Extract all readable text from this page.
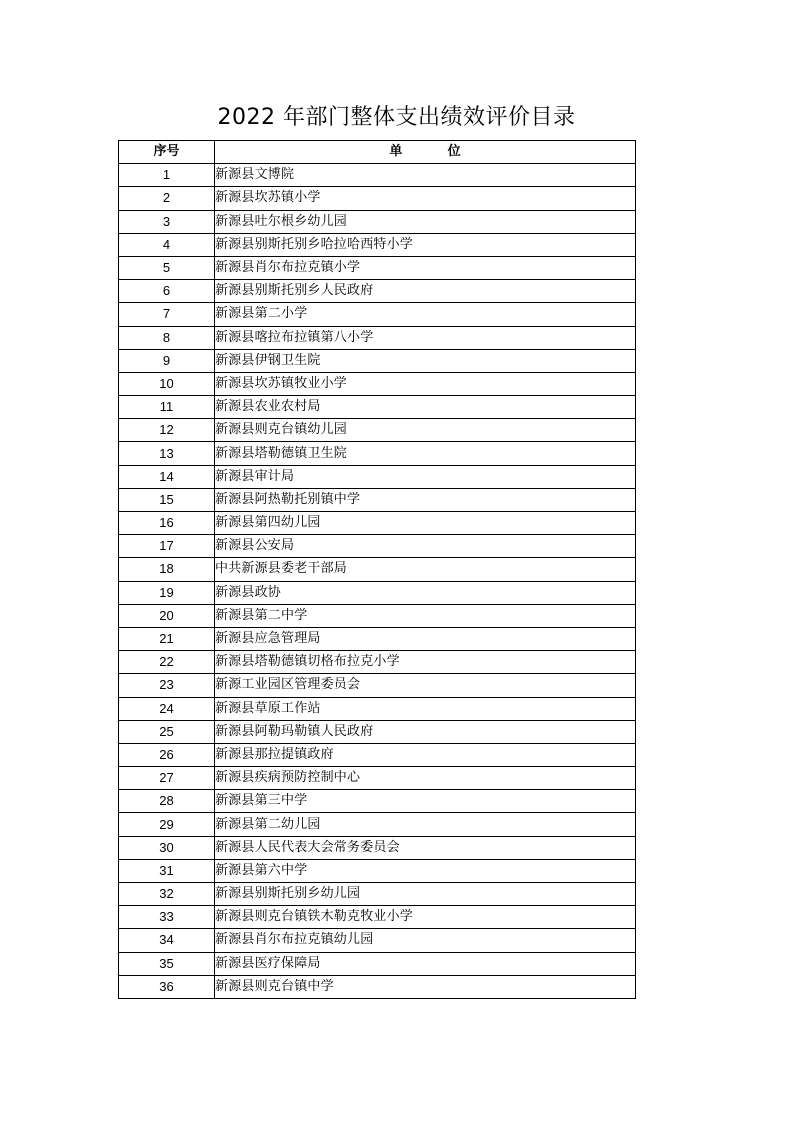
2022 年部门整体支出绩效评价目录
序号	单          位
1	新源县文博院
2	新源县坎苏镇小学
3	新源县吐尔根乡幼儿园
4	新源县别斯托别乡哈拉哈西特小学
5	新源县肖尔布拉克镇小学
6	新源县别斯托别乡人民政府
7	新源县第二小学
8	新源县喀拉布拉镇第八小学
9	新源县伊钢卫生院
10	新源县坎苏镇牧业小学
11	新源县农业农村局
12	新源县则克台镇幼儿园
13	新源县塔勒德镇卫生院
14	新源县审计局
15	新源县阿热勒托别镇中学
16	新源县第四幼儿园
17	新源县公安局
18	中共新源县委老干部局
19	新源县政协
20	新源县第二中学
21	新源县应急管理局
22	新源县塔勒德镇切格布拉克小学
23	新源工业园区管理委员会
24	新源县草原工作站
25	新源县阿勒玛勒镇人民政府
26	新源县那拉提镇政府
27	新源县疾病预防控制中心
28	新源县第三中学
29	新源县第二幼儿园
30	新源县人民代表大会常务委员会
31	新源县第六中学
32	新源县别斯托别乡幼儿园
33	新源县则克台镇铁木勒克牧业小学
34	新源县肖尔布拉克镇幼儿园
35	新源县医疗保障局
36	新源县则克台镇中学
